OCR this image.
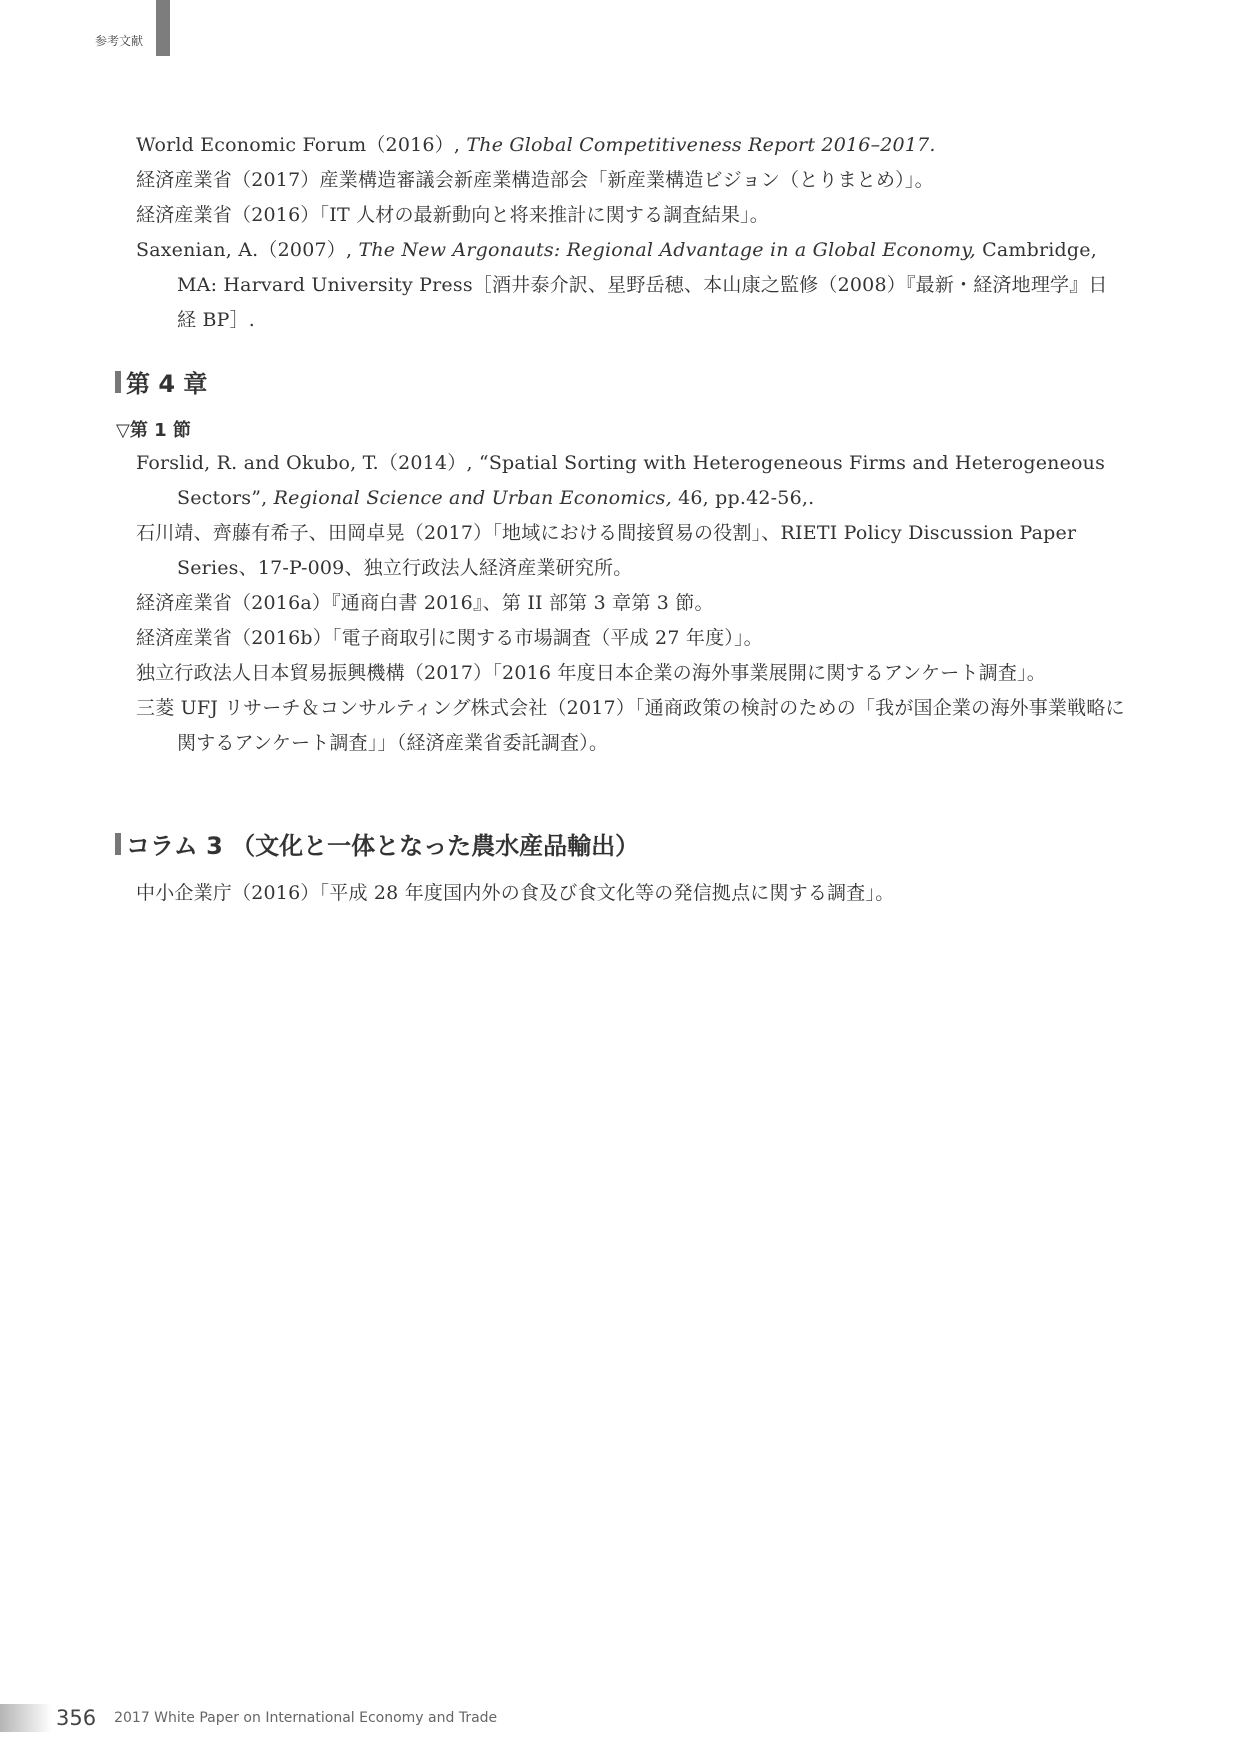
参考文献

World Economic Forum（2016）, The Global Competitiveness Report 2016–2017.

経済産業省（2017）産業構造審議会新産業構造部会「新産業構造ビジョン（とりまとめ）」。

経済産業省（2016）「IT 人材の最新動向と将来推計に関する調査結果」。

Saxenian, A.（2007）, The New Argonauts: Regional Advantage in a Global Economy, Cambridge, MA: Harvard University Press［酒井泰介訳、星野岳穂、本山康之監修（2008）『最新・経済地理学』日経 BP］.

第 4 章
▽第 1 節

Forslid, R. and Okubo, T.（2014）, “Spatial Sorting with Heterogeneous Firms and Heterogeneous Sectors”, Regional Science and Urban Economics, 46, pp.42-56,.

石川靖、齊藤有希子、田岡卓晃（2017）「地域における間接貿易の役割」、RIETI Policy Discussion Paper Series、17-P-009、独立行政法人経済産業研究所。

経済産業省（2016a）『通商白書 2016』、第 II 部第 3 章第 3 節。

経済産業省（2016b）「電子商取引に関する市場調査（平成 27 年度）」。

独立行政法人日本貿易振興機構（2017）「2016 年度日本企業の海外事業展開に関するアンケート調査」。

三菱 UFJ リサーチ＆コンサルティング株式会社（2017）「通商政策の検討のための「我が国企業の海外事業戦略に関するアンケート調査」」（経済産業省委託調査）。

コラム 3 （文化と一体となった農水産品輸出）

中小企業庁（2016）「平成 28 年度国内外の食及び食文化等の発信拠点に関する調査」。

356 2017 White Paper on International Economy and Trade
